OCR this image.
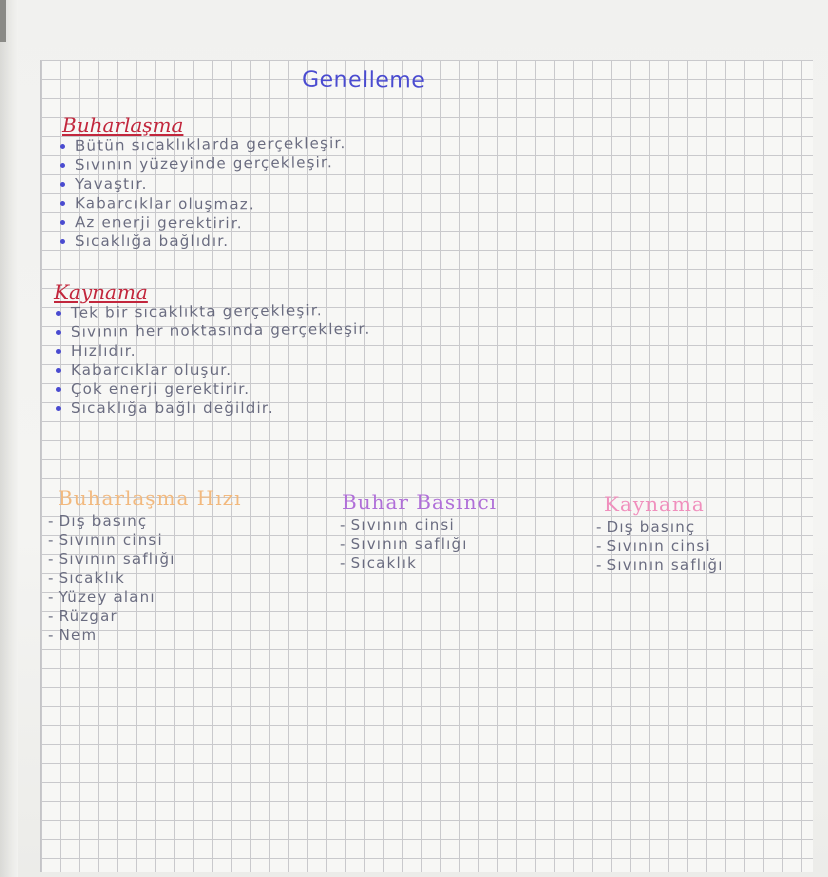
Genelleme
Buharlaşma
Bütün sıcaklıklarda gerçekleşir.
Sıvının yüzeyinde gerçekleşir.
Yavaştır.
Kabarcıklar oluşmaz.
Az enerji gerektirir.
Sıcaklığa bağlıdır.
Kaynama
Tek bir sıcaklıkta gerçekleşir.
Sıvının her noktasında gerçekleşir.
Hızlıdır.
Kabarcıklar oluşur.
Çok enerji gerektirir.
Sıcaklığa bağlı değildir.
Buharlaşma Hızı
- Dış basınç
- Sıvının cinsi
- Sıvının saflığı
- Sıcaklık
- Yüzey alanı
- Rüzgar
- Nem
Buhar Basıncı
- Sıvının cinsi
- Sıvının saflığı
- Sıcaklık
Kaynama
- Dış basınç
- Sıvının cinsi
- Sıvının saflığı
